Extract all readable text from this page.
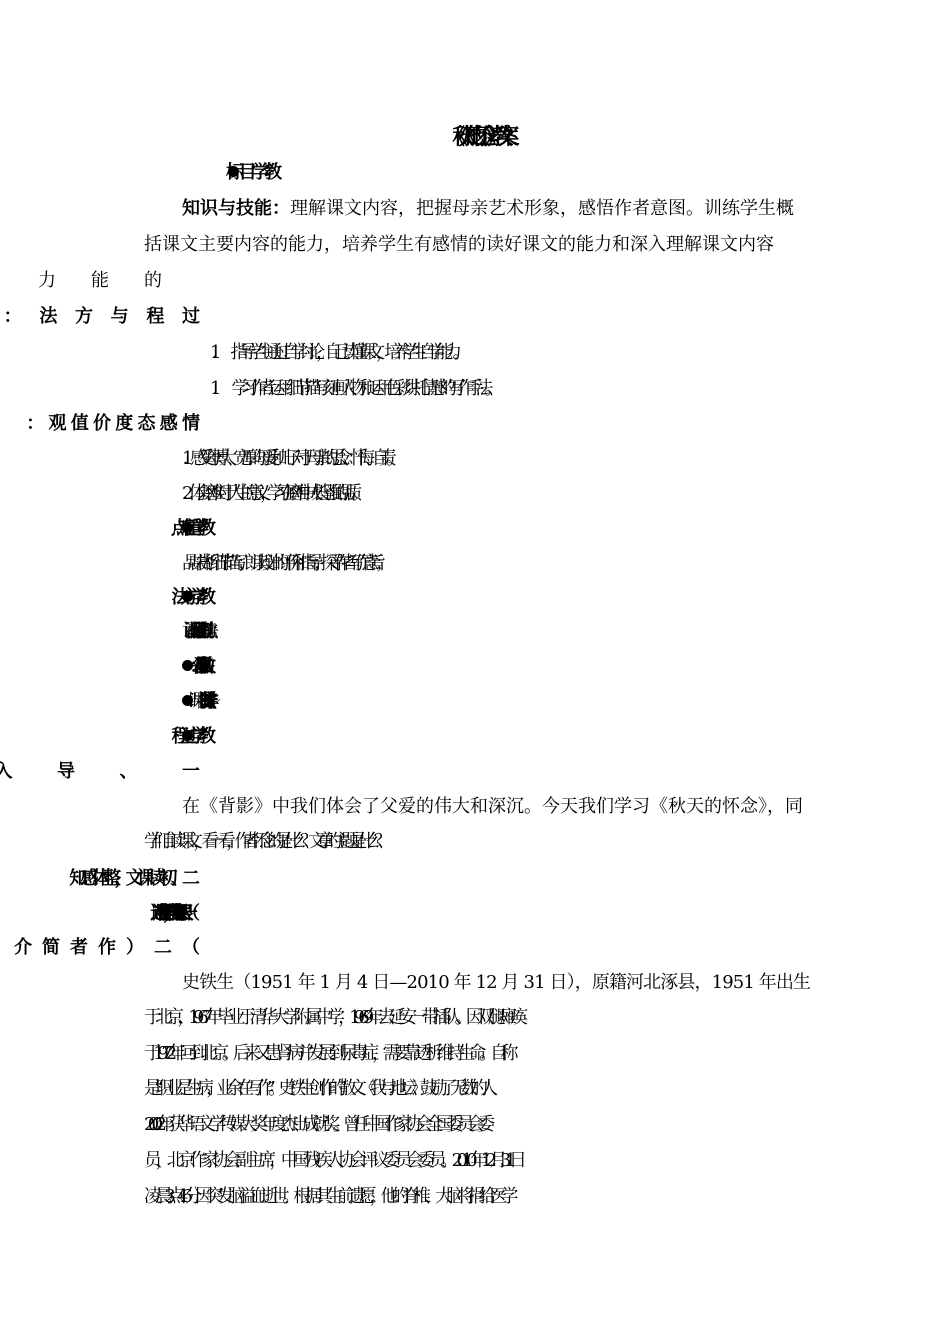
《秋天的怀念》教案
知识与技能：理解课文内容，把握母亲艺术形象，感悟作者意图。训练学生概
括课文主要内容的能力，培养学生有感情的读好课文的能力和深入理解课文内容
1． 指导学生通过自学讨论，自己读懂课文，培养学生自学能力。
1． 学习作者运用细节描写刻画人物和运用色彩烘托情感的写作手法。
1．感受母博大、宽厚的母爱和儿子对于母亲的思念、忏悔、自责。
2．体会磨难对于人生的意义，学习在磨难中成长坚强的品质。
品味赏析细节描写；朗读设计的评价和指导；探寻作者写作意旨；
诵读法、品析法、精段阅读法、资料助读法
课时安排：
在《背影》中我们体会了父爱的伟大和深沉。今天我们学习《秋天的怀念》，同
学们自读课文，看一看，作者怀念的是什么？文章的主题是什么？
史铁生（1951 年 1 月 4 日—2010 年 12 月 31 日），原籍河北涿县，1951 年出生
于北京，1967 年毕业于清华大学附属中学，1969 年去延安一带插队。因双腿瘫痪
于 1972 年回到北京。后来又患肾病并发展到尿毒症，需要靠透析维持生命。自称
是“职业是生病，业余在写作”。史铁生创作的散文《我与地坛》鼓励了无数的人
2002 年获华语文学传媒大奖年度杰出成就奖。曾任中国作家协会全国委员会委
员，北京作家协会副主席，中国残疾人协会评议委员会委员。2010 年 12 月 31 日
凌晨 3 点 46 分因突发脑溢血逝世。根据其生前遗愿，他的脊椎、大脑将捐给医学
